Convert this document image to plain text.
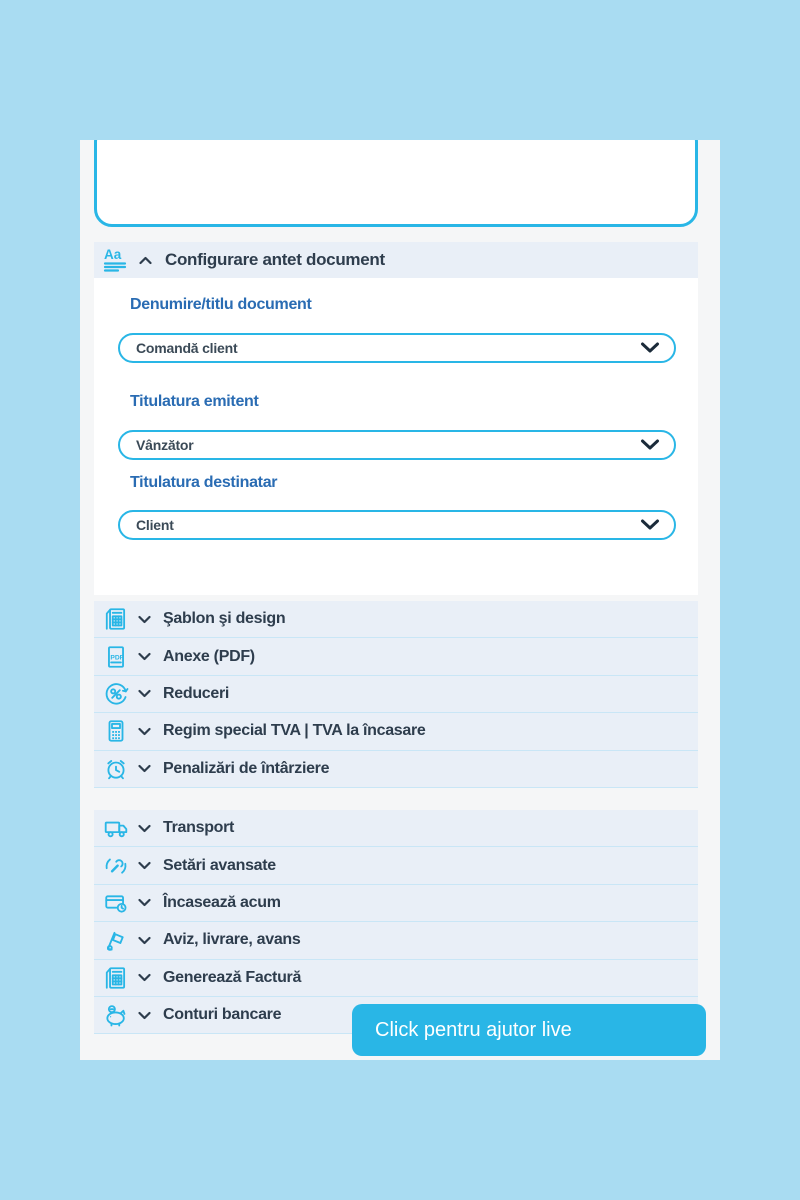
Aa	Configurare antet document
Denumire/titlu document
Comandă client
Titulatura emitent
Vânzător
Titulatura destinatar
Client
Şablon şi design
PDF Anexe (PDF)
Reduceri
Regim special TVA | TVA la încasare
Penalizări de întârziere
Transport
Setări avansate
Încasează acum
Aviz, livrare, avans
Generează Factură
Conturi bancare
Click pentru ajutor live
